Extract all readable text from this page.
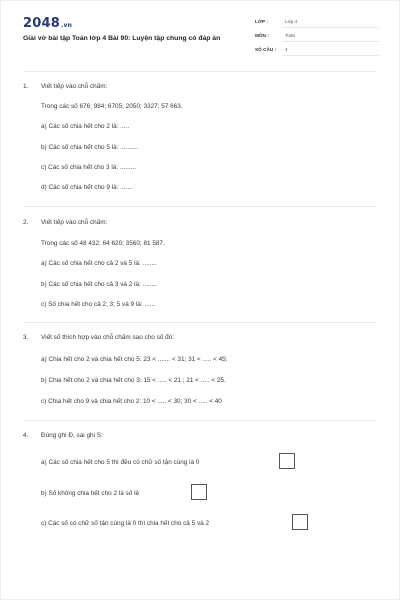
2048.vn
Giải vở bài tập Toán lớp 4 Bài 90: Luyện tập chung có đáp án
LỚP :	Lớp 4
MÔN :	Toán
SỐ CÂU : 4
1. Viết tiếp vào chỗ chấm:
Trong các số 676; 984; 6705; 2050; 3327; 57 663.
a) Các số chia hết cho 2 là: .....
b) Các số chia hết cho 5 là: ..........
c) Các số chia hết cho 3 là: .........
d) Các số chia hết cho 9 là: .......
2. Viết tiếp vào chỗ chấm:
Trong các số 48 432; 64 620; 3560; 81 587.
a) Các số chia hết cho cả 2 và 5 là: ........
b) Các số chia hết cho cả 3 và 2 là: ........
c) Số chia hết cho cả 2; 3; 5 và 9 là: ......
3. Viết số thích hợp vào chỗ chấm sao cho số đó:
a) Chia hết cho 2 và chia hết cho 5: 23 < ....... < 31; 31 < ..... < 45;
b) Chia hết cho 2 và chia hết cho 3: 15 < ..... < 21 ; 21 < ..... < 25.
c) Chia hết cho 9 và chia hết cho 2: 10 < ..... < 30; 30 < ..... < 40
4. Đúng ghi Đ, sai ghi S:
a) Các số chia hết cho 5 thì đều có chữ số tận cùng là 0
b) Số không chia hết cho 2 là số lẻ
c) Các số có chữ số tận cùng là 0 thì chia hết cho cả 5 và 2
